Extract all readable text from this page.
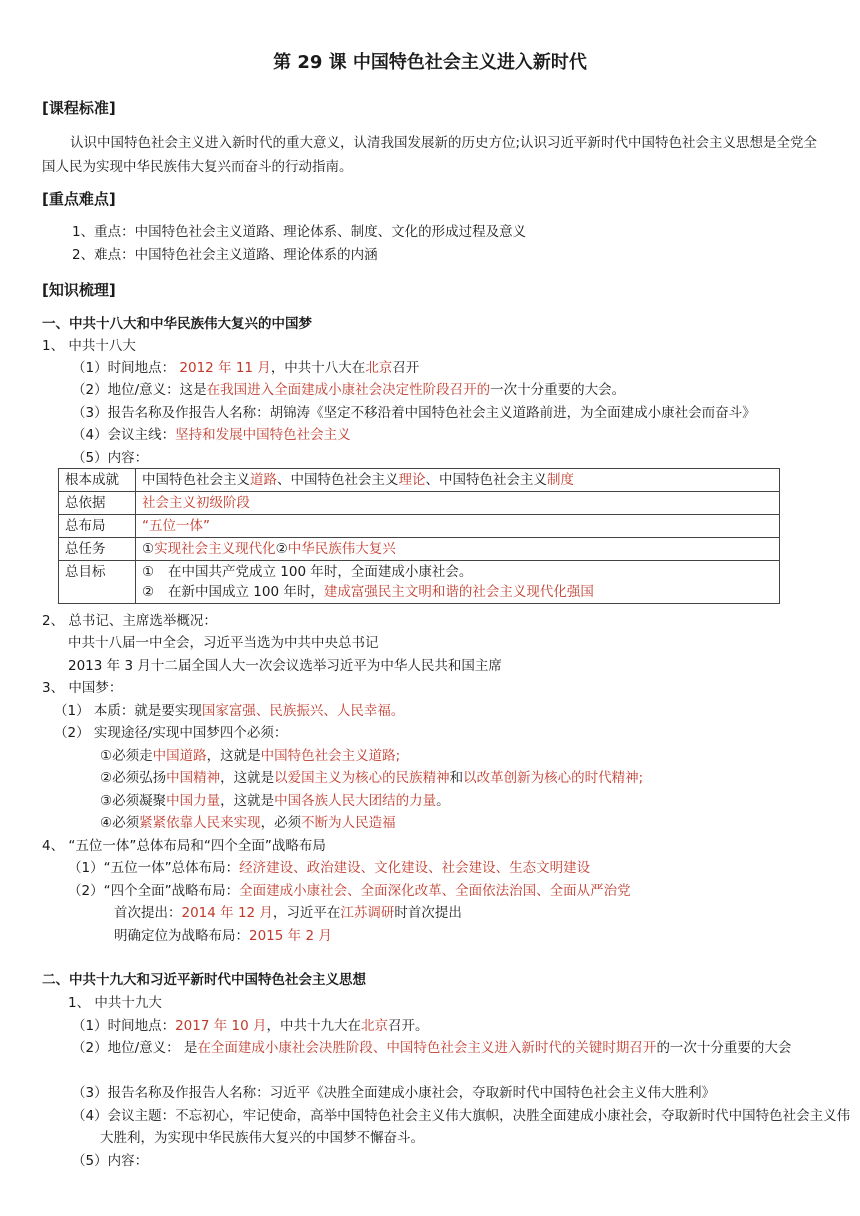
第 29 课 中国特色社会主义进入新时代
[课程标准]
认识中国特色社会主义进入新时代的重大意义，认清我国发展新的历史方位;认识习近平新时代中国特色社会主义思想是全党全国人民为实现中华民族伟大复兴而奋斗的行动指南。
[重点难点]
1、重点：中国特色社会主义道路、理论体系、制度、文化的形成过程及意义
2、难点：中国特色社会主义道路、理论体系的内涵
[知识梳理]
一、中共十八大和中华民族伟大复兴的中国梦
1、 中共十八大
（1）时间地点： 2012 年 11 月，中共十八大在北京召开
（2）地位/意义：这是在我国进入全面建成小康社会决定性阶段召开的一次十分重要的大会。
（3）报告名称及作报告人名称：胡锦涛《坚定不移沿着中国特色社会主义道路前进，为全面建成小康社会而奋斗》
（4）会议主线：坚持和发展中国特色社会主义
（5）内容：
根本成就	中国特色社会主义道路、中国特色社会主义理论、中国特色社会主义制度
总依据	社会主义初级阶段
总布局	“五位一体”
总任务	①实现社会主义现代化②中华民族伟大复兴
总目标	① 在中国共产党成立 100 年时，全面建成小康社会。
② 在新中国成立 100 年时，建成富强民主文明和谐的社会主义现代化强国
2、 总书记、主席选举概况：
中共十八届一中全会，习近平当选为中共中央总书记
2013 年 3 月十二届全国人大一次会议选举习近平为中华人民共和国主席
3、 中国梦：
（1） 本质：就是要实现国家富强、民族振兴、人民幸福。
（2） 实现途径/实现中国梦四个必须：
①必须走中国道路，这就是中国特色社会主义道路;
②必须弘扬中国精神，这就是以爱国主义为核心的民族精神和以改革创新为核心的时代精神;
③必须凝聚中国力量，这就是中国各族人民大团结的力量。
④必须紧紧依靠人民来实现，必须不断为人民造福
4、 “五位一体”总体布局和“四个全面”战略布局
（1）“五位一体”总体布局：经济建设、政治建设、文化建设、社会建设、生态文明建设
（2）“四个全面”战略布局：全面建成小康社会、全面深化改革、全面依法治国、全面从严治党
首次提出：2014 年 12 月，习近平在江苏调研时首次提出
明确定位为战略布局：2015 年 2 月
二、中共十九大和习近平新时代中国特色社会主义思想
1、 中共十九大
（1）时间地点：2017 年 10 月，中共十九大在北京召开。
（2）地位/意义： 是在全面建成小康社会决胜阶段、中国特色社会主义进入新时代的关键时期召开的一次十分重要的大会
（3）报告名称及作报告人名称：习近平《决胜全面建成小康社会，夺取新时代中国特色社会主义伟大胜利》
（4）会议主题：不忘初心，牢记使命，高举中国特色社会主义伟大旗帜，决胜全面建成小康社会，夺取新时代中国特色社会主义伟大胜利，为实现中华民族伟大复兴的中国梦不懈奋斗。
（5）内容：
